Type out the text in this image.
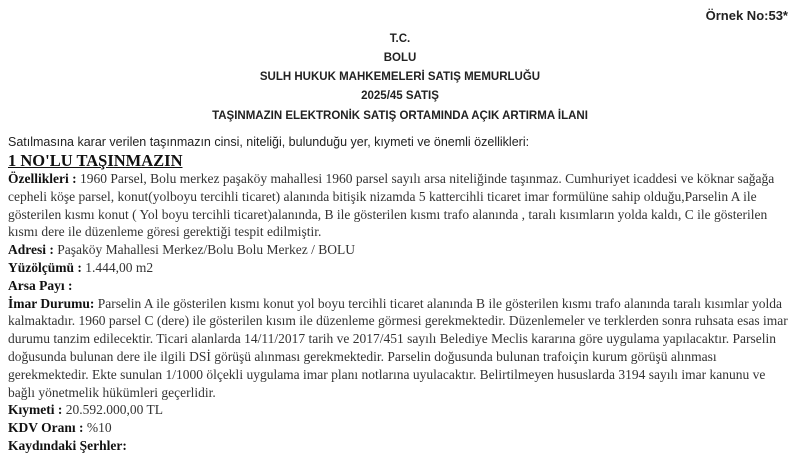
Örnek No:53*
T.C.
BOLU
SULH HUKUK MAHKEMELERİ SATIŞ MEMURLUĞU
2025/45 SATIŞ
TAŞINMAZIN ELEKTRONİK SATIŞ ORTAMINDA AÇIK ARTIRMA İLANI
Satılmasına karar verilen taşınmazın cinsi, niteliği, bulunduğu yer, kıymeti ve önemli özellikleri:
1 NO'LU TAŞINMAZIN
Özellikleri : 1960 Parsel, Bolu merkez paşaköy mahallesi 1960 parsel sayılı arsa niteliğinde taşınmaz. Cumhuriyet icaddesi ve köknar sağağa cepheli köşe parsel, konut(yolboyu tercihli ticaret) alanında bitişik nizamda 5 kattercihli ticaret imar formülüne sahip olduğu,Parselin A ile gösterilen kısmı konut ( Yol boyu tercihli ticaret)alanında, B ile gösterilen kısmı trafo alanında , taralı kısımların yolda kaldı, C ile gösterilen kısmı dere ile düzenleme göresi gerektiği tespit edilmiştir.
Adresi : Paşaköy Mahallesi Merkez/Bolu Bolu Merkez / BOLU
Yüzölçümü : 1.444,00 m2
Arsa Payı :
İmar Durumu: Parselin A ile gösterilen kısmı konut yol boyu tercihli ticaret alanında B ile gösterilen kısmı trafo alanında taralı kısımlar yolda kalmaktadır. 1960 parsel C (dere) ile gösterilen kısım ile düzenleme görmesi gerekmektedir. Düzenlemeler ve terklerden sonra ruhsata esas imar durumu tanzim edilecektir. Ticari alanlarda 14/11/2017 tarih ve 2017/451 sayılı Belediye Meclis kararına göre uygulama yapılacaktır. Parselin doğusunda bulunan dere ile ilgili DSİ görüşü alınması gerekmektedir. Parselin doğusunda bulunan trafoiçin kurum görüşü alınması gerekmektedir. Ekte sunulan 1/1000 ölçekli uygulama imar planı notlarına uyulacaktır. Belirtilmeyen hususlarda 3194 sayılı imar kanunu ve bağlı yönetmelik hükümleri geçerlidir.
Kıymeti : 20.592.000,00 TL
KDV Oranı : %10
Kaydındaki Şerhler:
